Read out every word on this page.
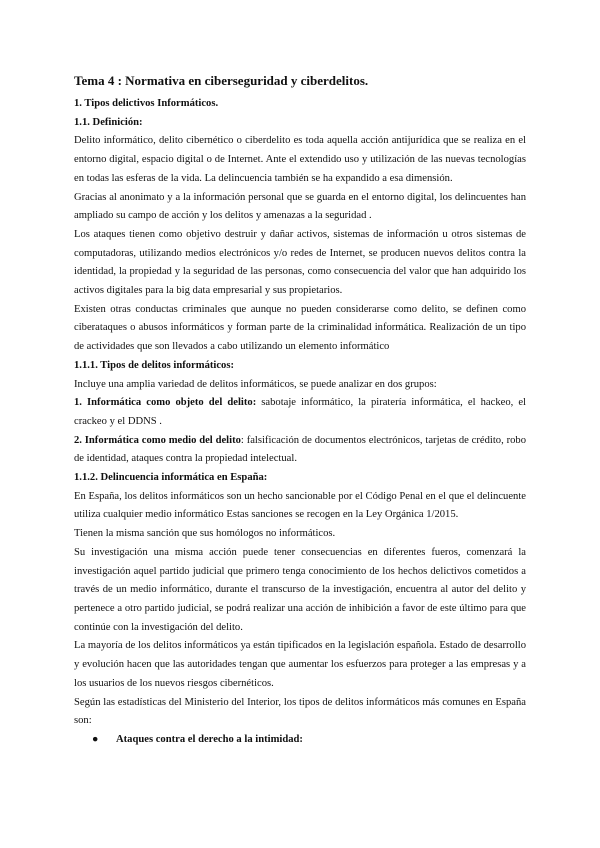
Tema 4 : Normativa en ciberseguridad y ciberdelitos.
1. Tipos delictivos Informáticos.
1.1. Definición:

Delito informático, delito cibernético o ciberdelito es toda aquella acción antijurídica que se realiza en el entorno digital, espacio digital o de Internet. Ante el extendido uso y utilización de las nuevas tecnologías en todas las esferas de la vida. La delincuencia también se ha expandido a esa dimensión.

Gracias al anonimato y a la información personal que se guarda en el entorno digital, los delincuentes han ampliado su campo de acción y los delitos y amenazas a la seguridad .

Los ataques tienen como objetivo destruir y dañar activos, sistemas de información u otros sistemas de computadoras, utilizando medios electrónicos y/o redes de Internet, se producen nuevos delitos contra la identidad, la propiedad y la seguridad de las personas, como consecuencia del valor que han adquirido los activos digitales para la big data empresarial y sus propietarios.

Existen otras conductas criminales que aunque no pueden considerarse como delito, se definen como ciberataques o abusos informáticos y forman parte de la criminalidad informática. Realización de un tipo de actividades que son llevados a cabo utilizando un elemento informático

1.1.1. Tipos de delitos informáticos:

Incluye una amplia variedad de delitos informáticos, se puede analizar en dos grupos:

1. Informática como objeto del delito: sabotaje informático, la piratería informática, el hackeo, el crackeo y el DDNS .

2. Informática como medio del delito: falsificación de documentos electrónicos, tarjetas de crédito, robo de identidad, ataques contra la propiedad intelectual.

1.1.2. Delincuencia informática en España:

En España, los delitos informáticos son un hecho sancionable por el Código Penal en el que el delincuente utiliza cualquier medio informático Estas sanciones se recogen en la Ley Orgánica 1/2015.

Tienen la misma sanción que sus homólogos no informáticos.

Su investigación una misma acción puede tener consecuencias en diferentes fueros, comenzará la investigación aquel partido judicial que primero tenga conocimiento de los hechos delictivos cometidos a través de un medio informático, durante el transcurso de la investigación, encuentra al autor del delito y pertenece a otro partido judicial, se podrá realizar una acción de inhibición a favor de este último para que continúe con la investigación del delito.

La mayoría de los delitos informáticos ya están tipificados en la legislación española. Estado de desarrollo y evolución hacen que las autoridades tengan que aumentar los esfuerzos para proteger a las empresas y a los usuarios de los nuevos riesgos cibernéticos.

Según las estadísticas del Ministerio del Interior, los tipos de delitos informáticos más comunes en España son:

● Ataques contra el derecho a la intimidad:
